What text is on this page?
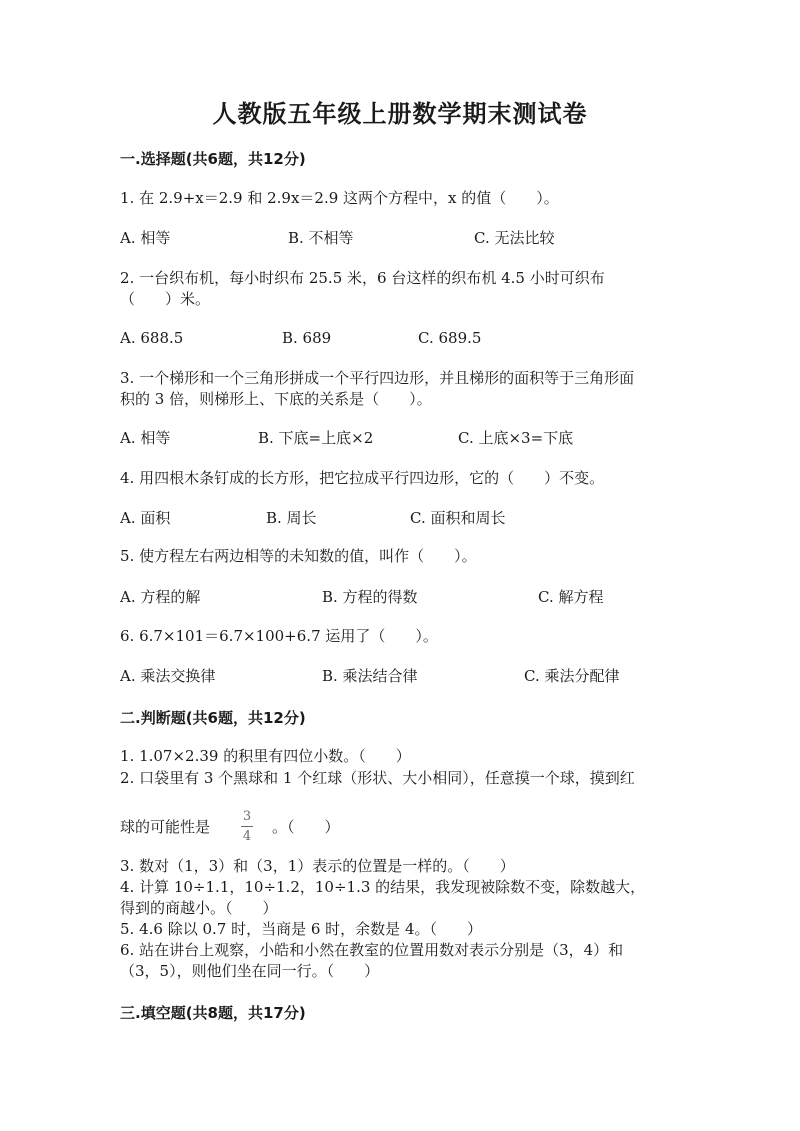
人教版五年级上册数学期末测试卷
一.选择题(共6题，共12分)
1. 在 2.9+x＝2.9 和 2.9x＝2.9 这两个方程中，x 的值（　　）。
A. 相等	B. 不相等	C. 无法比较
2. 一台织布机，每小时织布 25.5 米，6 台这样的织布机 4.5 小时可织布
（　　）米。
A. 688.5	B. 689	C. 689.5
3. 一个梯形和一个三角形拼成一个平行四边形，并且梯形的面积等于三角形面
积的 3 倍，则梯形上、下底的关系是（　　）。
A. 相等	B. 下底=上底×2	C. 上底×3=下底
4. 用四根木条钉成的长方形，把它拉成平行四边形，它的（　　）不变。
A. 面积	B. 周长	C. 面积和周长
5. 使方程左右两边相等的未知数的值，叫作（　　）。
A. 方程的解	B. 方程的得数	C. 解方程
6. 6.7×101＝6.7×100+6.7 运用了（　　）。
A. 乘法交换律	B. 乘法结合律	C. 乘法分配律
二.判断题(共6题，共12分)
1. 1.07×2.39 的积里有四位小数。（　　）
2. 口袋里有 3 个黑球和 1 个红球（形状、大小相同），任意摸一个球，摸到红
球的可能性是
3
4
。（　　）
3. 数对（1，3）和（3，1）表示的位置是一样的。（　　）
4. 计算 10÷1.1，10÷1.2，10÷1.3 的结果，我发现被除数不变，除数越大，
得到的商越小。（　　）
5. 4.6 除以 0.7 时，当商是 6 时，余数是 4。（　　）
6. 站在讲台上观察，小皓和小然在教室的位置用数对表示分别是（3，4）和
（3，5），则他们坐在同一行。（　　）
三.填空题(共8题，共17分)
